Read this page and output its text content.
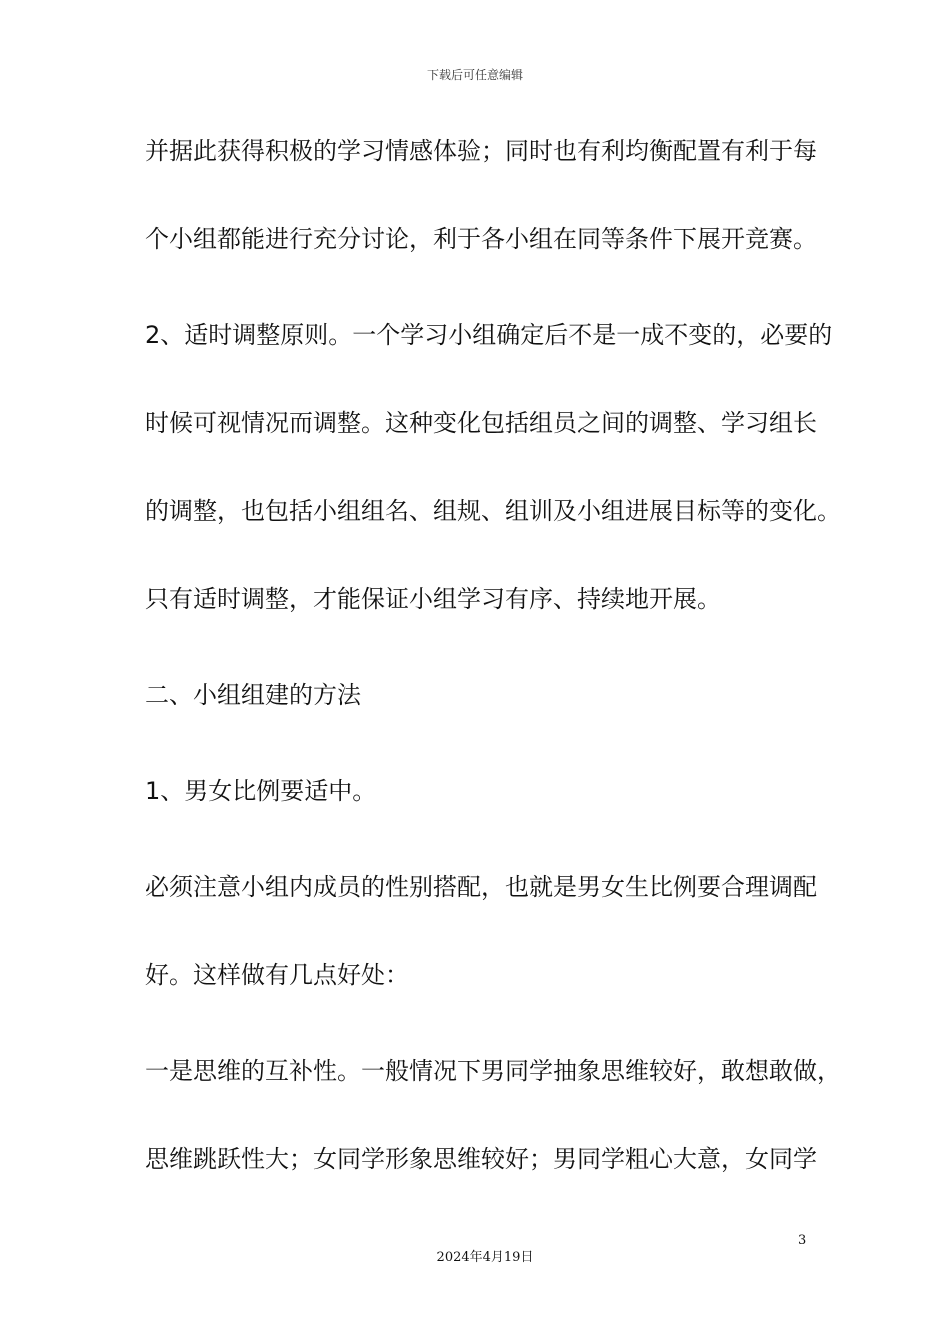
下载后可任意编辑
并据此获得积极的学习情感体验；同时也有利均衡配置有利于每
个小组都能进行充分讨论，利于各小组在同等条件下展开竞赛。
2、适时调整原则。一个学习小组确定后不是一成不变的，必要的
时候可视情况而调整。这种变化包括组员之间的调整、学习组长
的调整，也包括小组组名、组规、组训及小组进展目标等的变化。
只有适时调整，才能保证小组学习有序、持续地开展。
二、小组组建的方法
1、男女比例要适中。
必须注意小组内成员的性别搭配，也就是男女生比例要合理调配
好。这样做有几点好处：
一是思维的互补性。一般情况下男同学抽象思维较好，敢想敢做，
思维跳跃性大；女同学形象思维较好；男同学粗心大意，女同学
3
2024年4月19日
